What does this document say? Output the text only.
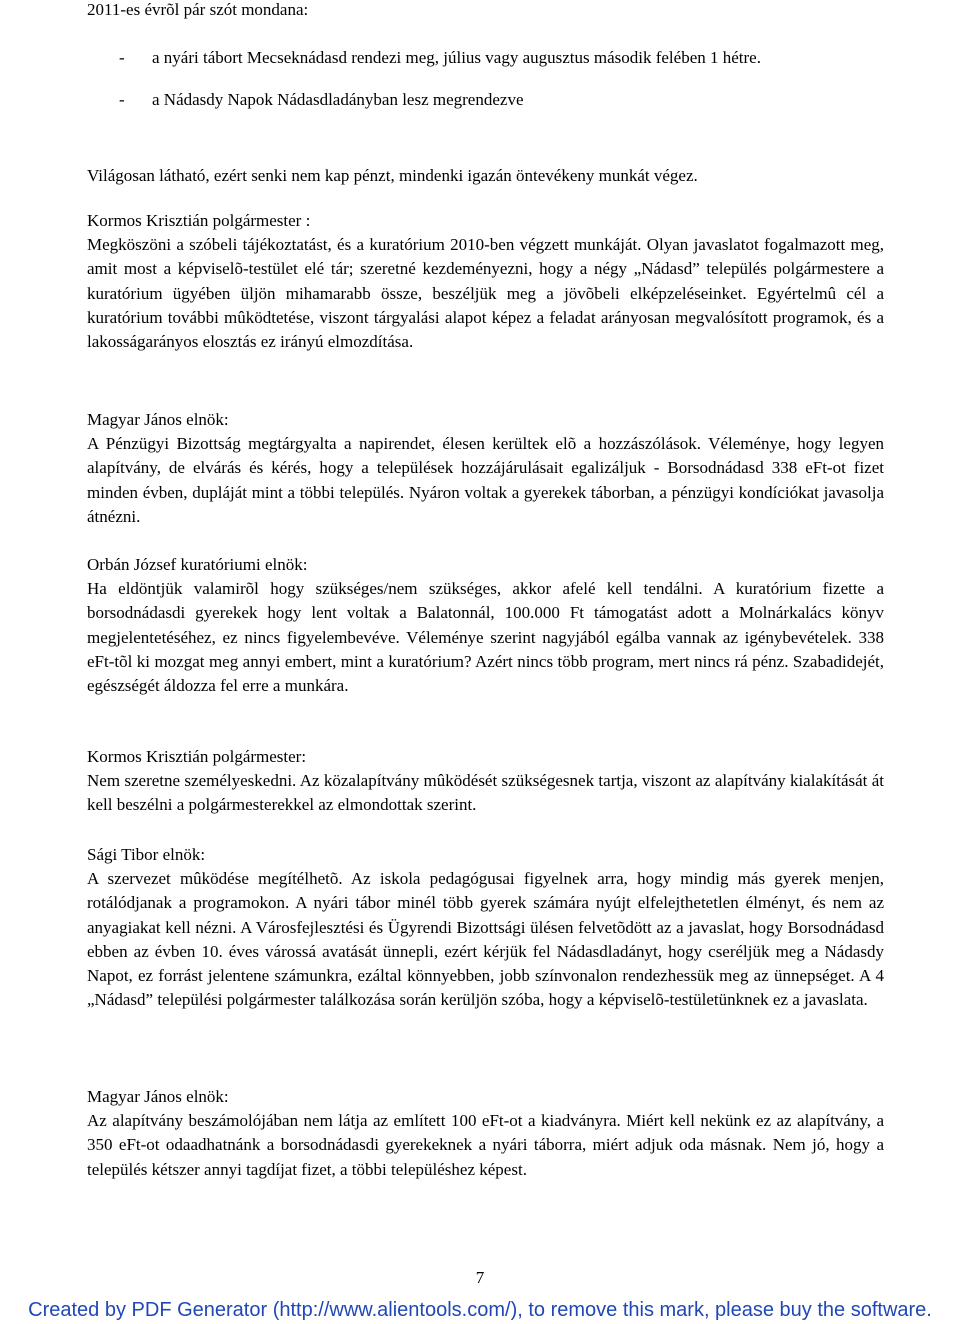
2011-es évrõl pár szót mondana:
-	a nyári tábort Mecseknádasd rendezi meg, július vagy augusztus második felében 1 hétre.
-	a Nádasdy Napok Nádasdladányban lesz megrendezve
Világosan látható, ezért senki nem kap pénzt, mindenki igazán öntevékeny munkát végez.
Kormos Krisztián polgármester :
Megköszöni a szóbeli tájékoztatást, és a kuratórium 2010-ben végzett munkáját. Olyan javaslatot fogalmazott meg, amit most a képviselõ-testület elé tár; szeretné kezdeményezni, hogy a négy „Nádasd” település polgármestere a kuratórium ügyében üljön mihamarabb össze, beszéljük meg a jövõbeli elképzeléseinket. Egyértelmû cél a kuratórium további mûködtetése, viszont tárgyalási alapot képez a feladat arányosan megvalósított programok, és a lakosságarányos elosztás ez irányú elmozdítása.
Magyar János elnök:
A Pénzügyi Bizottság megtárgyalta a napirendet, élesen kerültek elõ a hozzászólások. Véleménye, hogy legyen alapítvány, de elvárás és kérés, hogy a települések hozzájárulásait egalizáljuk - Borsodnádasd 338 eFt-ot fizet minden évben, dupláját mint a többi település. Nyáron voltak a gyerekek táborban, a pénzügyi kondíciókat javasolja átnézni.
Orbán József kuratóriumi elnök:
Ha eldöntjük valamirõl hogy szükséges/nem szükséges, akkor afelé kell tendálni. A kuratórium fizette a borsodnádasdi gyerekek hogy lent voltak a Balatonnál, 100.000 Ft támogatást adott a Molnárkalács könyv megjelentetéséhez, ez nincs figyelembevéve. Véleménye szerint nagyjából egálba vannak az igénybevételek. 338 eFt-tõl ki mozgat meg annyi embert, mint a kuratórium? Azért nincs több program, mert nincs rá pénz. Szabadidejét, egészségét áldozza fel erre a munkára.
Kormos Krisztián polgármester:
Nem szeretne személyeskedni. Az közalapítvány mûködését szükségesnek tartja, viszont az alapítvány kialakítását át kell beszélni a polgármesterekkel az elmondottak szerint.
Sági Tibor elnök:
A szervezet mûködése megítélhetõ. Az iskola pedagógusai figyelnek arra, hogy mindig más gyerek menjen, rotálódjanak a programokon. A nyári tábor minél több gyerek számára nyújt elfelejthetetlen élményt, és nem az anyagiakat kell nézni. A Városfejlesztési és Ügyrendi Bizottsági ülésen felvetõdött az a javaslat, hogy Borsodnádasd ebben az évben 10. éves várossá avatását ünnepli, ezért kérjük fel Nádasdladányt, hogy cseréljük meg a Nádasdy Napot, ez forrást jelentene számunkra, ezáltal könnyebben, jobb színvonalon rendezhessük meg az ünnepséget. A 4 „Nádasd” települési polgármester találkozása során kerüljön szóba, hogy a képviselõ-testületünknek ez a javaslata.
Magyar János elnök:
Az alapítvány beszámolójában nem látja az említett 100 eFt-ot a kiadványra. Miért kell nekünk ez az alapítvány, a 350 eFt-ot odaadhatnánk a borsodnádasdi gyerekeknek a nyári táborra, miért adjuk oda másnak. Nem jó, hogy a település kétszer annyi tagdíjat fizet, a többi településhez képest.
7
Created by PDF Generator (http://www.alientools.com/), to remove this mark, please buy the software.
